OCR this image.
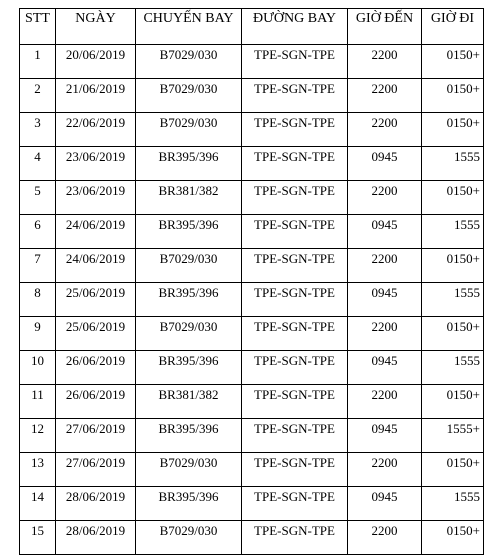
STT	NGÀY	CHUYẾN BAY	ĐƯỜNG BAY	GIỜ ĐẾN	GIỜ ĐI
1	20/06/2019	B7029/030	TPE-SGN-TPE	2200	0150+
2	21/06/2019	B7029/030	TPE-SGN-TPE	2200	0150+
3	22/06/2019	B7029/030	TPE-SGN-TPE	2200	0150+
4	23/06/2019	BR395/396	TPE-SGN-TPE	0945	1555
5	23/06/2019	BR381/382	TPE-SGN-TPE	2200	0150+
6	24/06/2019	BR395/396	TPE-SGN-TPE	0945	1555
7	24/06/2019	B7029/030	TPE-SGN-TPE	2200	0150+
8	25/06/2019	BR395/396	TPE-SGN-TPE	0945	1555
9	25/06/2019	B7029/030	TPE-SGN-TPE	2200	0150+
10	26/06/2019	BR395/396	TPE-SGN-TPE	0945	1555
11	26/06/2019	BR381/382	TPE-SGN-TPE	2200	0150+
12	27/06/2019	BR395/396	TPE-SGN-TPE	0945	1555+
13	27/06/2019	B7029/030	TPE-SGN-TPE	2200	0150+
14	28/06/2019	BR395/396	TPE-SGN-TPE	0945	1555
15	28/06/2019	B7029/030	TPE-SGN-TPE	2200	0150+
